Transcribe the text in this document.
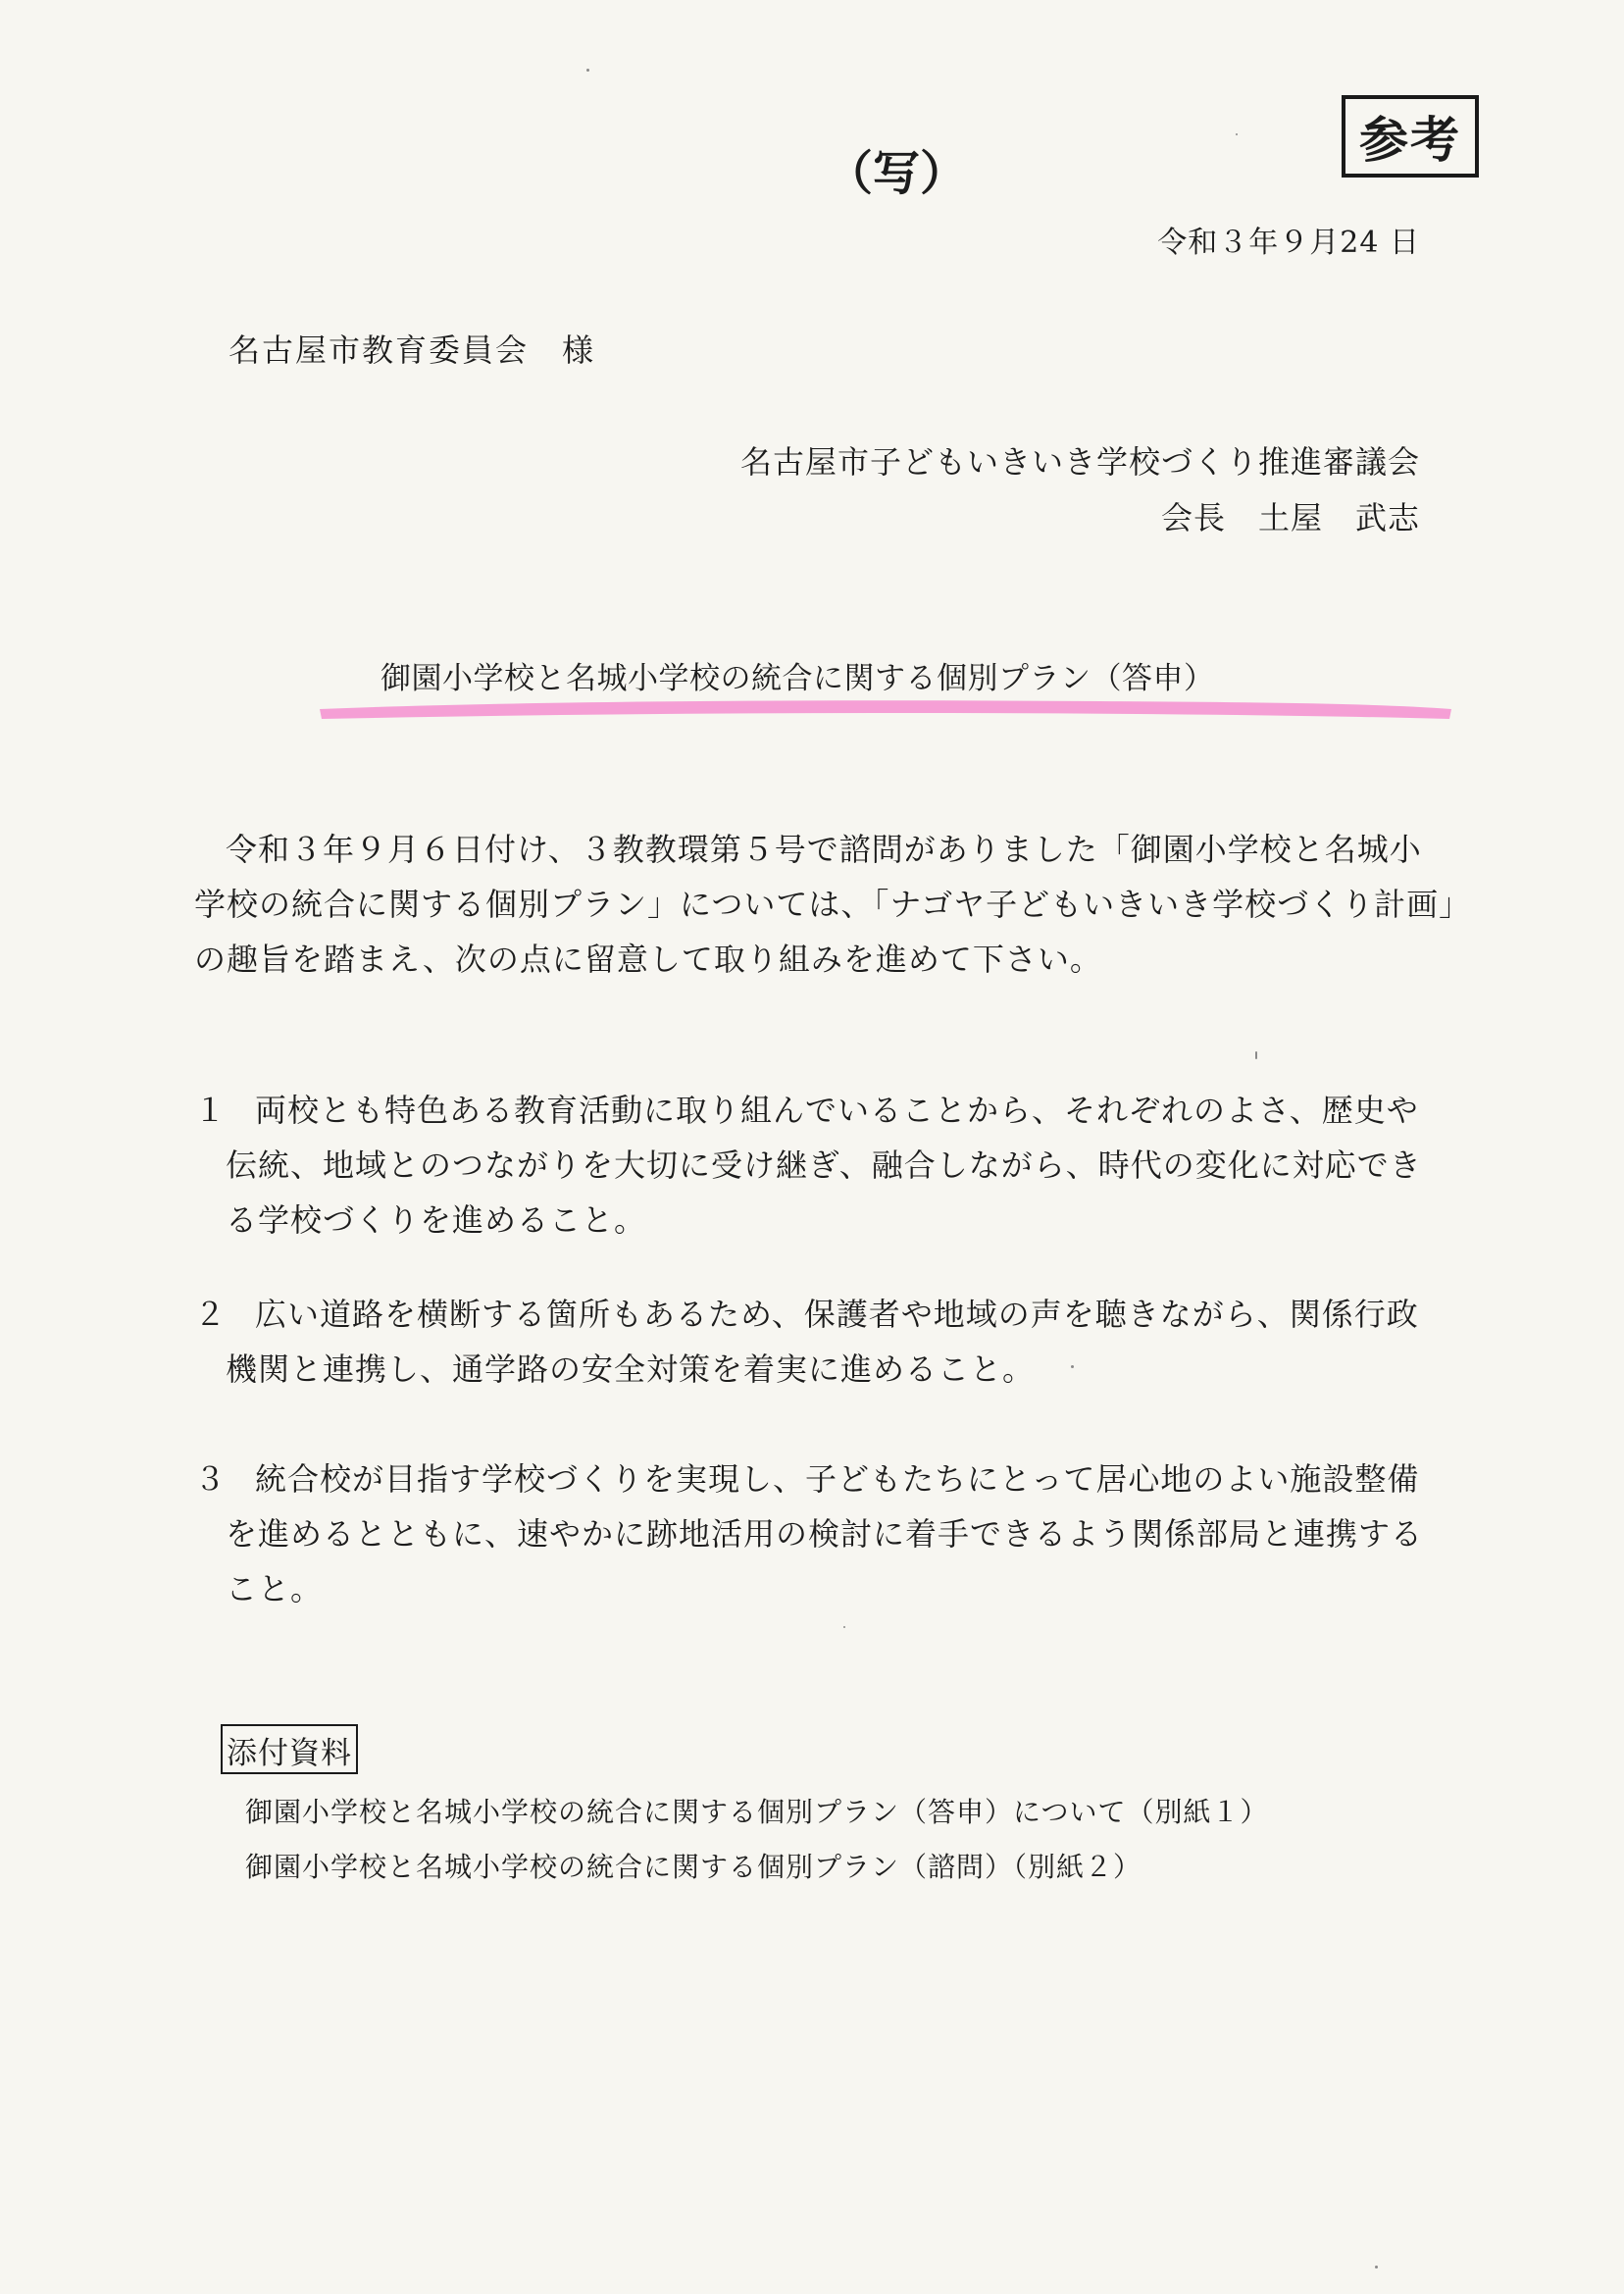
参考
（写）
令和３年９月24 日
名古屋市教育委員会　様
名古屋市子どもいきいき学校づくり推進審議会
会長　土屋　武志
御園小学校と名城小学校の統合に関する個別プラン（答申）
令和３年９月６日付け、３教教環第５号で諮問がありました「御園小学校と名城小
学校の統合に関する個別プラン」については、「ナゴヤ子どもいきいき学校づくり計画」
の趣旨を踏まえ、次の点に留意して取り組みを進めて下さい。
１ 両校とも特色ある教育活動に取り組んでいることから、それぞれのよさ、歴史や
伝統、地域とのつながりを大切に受け継ぎ、融合しながら、時代の変化に対応でき
る学校づくりを進めること。
２ 広い道路を横断する箇所もあるため、保護者や地域の声を聴きながら、関係行政
機関と連携し、通学路の安全対策を着実に進めること。
３ 統合校が目指す学校づくりを実現し、子どもたちにとって居心地のよい施設整備
を進めるとともに、速やかに跡地活用の検討に着手できるよう関係部局と連携する
こと。
添付資料
御園小学校と名城小学校の統合に関する個別プラン（答申）について（別紙１）
御園小学校と名城小学校の統合に関する個別プラン（諮問）（別紙２）
